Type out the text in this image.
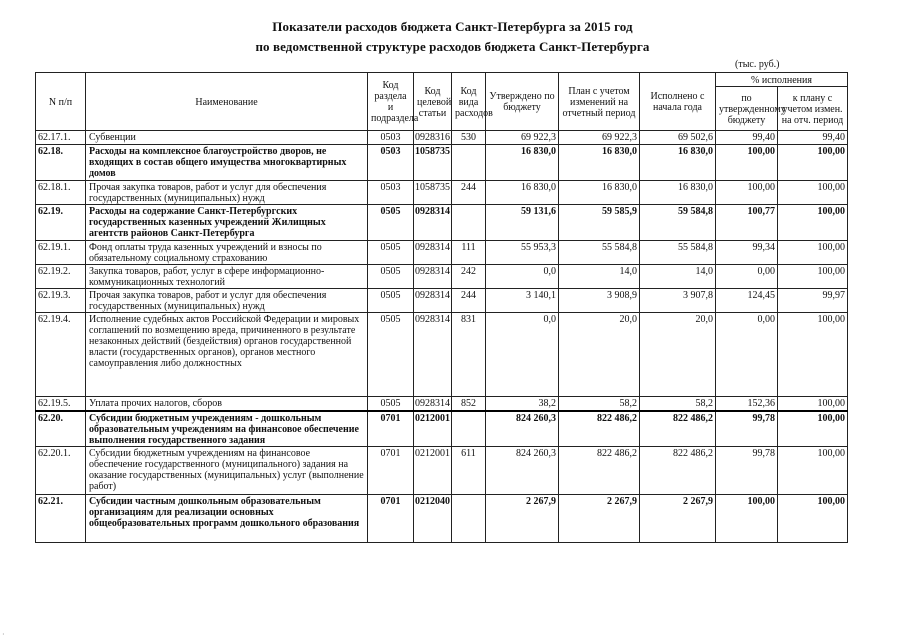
Показатели расходов бюджета Санкт-Петербурга за 2015 год
по ведомственной структуре расходов бюджета Санкт-Петербурга
(тыс. руб.)
N п/п	Наименование	Код раздела и подраздела	Код целевой статьи	Код вида расходов	Утверждено по бюджету	План с учетом изменений на отчетный период	Исполнено с начала года	% исполнения	
								по утвержденному бюджету	к плану с учетом измен. на отч. период
62.17.1.	Субвенции	0503	0928316	530	69 922,3	69 922,3	69 502,6	99,40	99,40
62.18.	Расходы на комплексное благоустройство дворов, не входящих в состав общего имущества многоквартирных домов	0503	1058735		16 830,0	16 830,0	16 830,0	100,00	100,00
62.18.1.	Прочая закупка товаров, работ и услуг для обеспечения государственных (муниципальных) нужд	0503	1058735	244	16 830,0	16 830,0	16 830,0	100,00	100,00
62.19.	Расходы на содержание Санкт-Петербургских государственных казенных учреждений Жилищных агентств районов Санкт-Петербурга	0505	0928314		59 131,6	59 585,9	59 584,8	100,77	100,00
62.19.1.	Фонд оплаты труда казенных учреждений и взносы по обязательному социальному страхованию	0505	0928314	111	55 953,3	55 584,8	55 584,8	99,34	100,00
62.19.2.	Закупка товаров, работ, услуг в сфере информационно-коммуникационных технологий	0505	0928314	242	0,0	14,0	14,0	0,00	100,00
62.19.3.	Прочая закупка товаров, работ и услуг для обеспечения государственных (муниципальных) нужд	0505	0928314	244	3 140,1	3 908,9	3 907,8	124,45	99,97
62.19.4.	Исполнение судебных актов Российской Федерации и мировых соглашений по возмещению вреда, причиненного в результате незаконных действий (бездействия) органов государственной власти (государственных органов), органов местного самоуправления либо должностных	0505	0928314	831	0,0	20,0	20,0	0,00	100,00
62.19.5.	Уплата прочих налогов, сборов	0505	0928314	852	38,2	58,2	58,2	152,36	100,00
62.20.	Субсидии бюджетным учреждениям - дошкольным образовательным учреждениям на финансовое обеспечение выполнения государственного задания	0701	0212001		824 260,3	822 486,2	822 486,2	99,78	100,00
62.20.1.	Субсидии бюджетным учреждениям на финансовое обеспечение государственного (муниципального) задания на оказание государственных (муниципальных) услуг (выполнение работ)	0701	0212001	611	824 260,3	822 486,2	822 486,2	99,78	100,00
62.21.	Субсидии частным дошкольным образовательным организациям для реализации основных общеобразовательных программ дошкольного образования	0701	0212040		2 267,9	2 267,9	2 267,9	100,00	100,00
·
